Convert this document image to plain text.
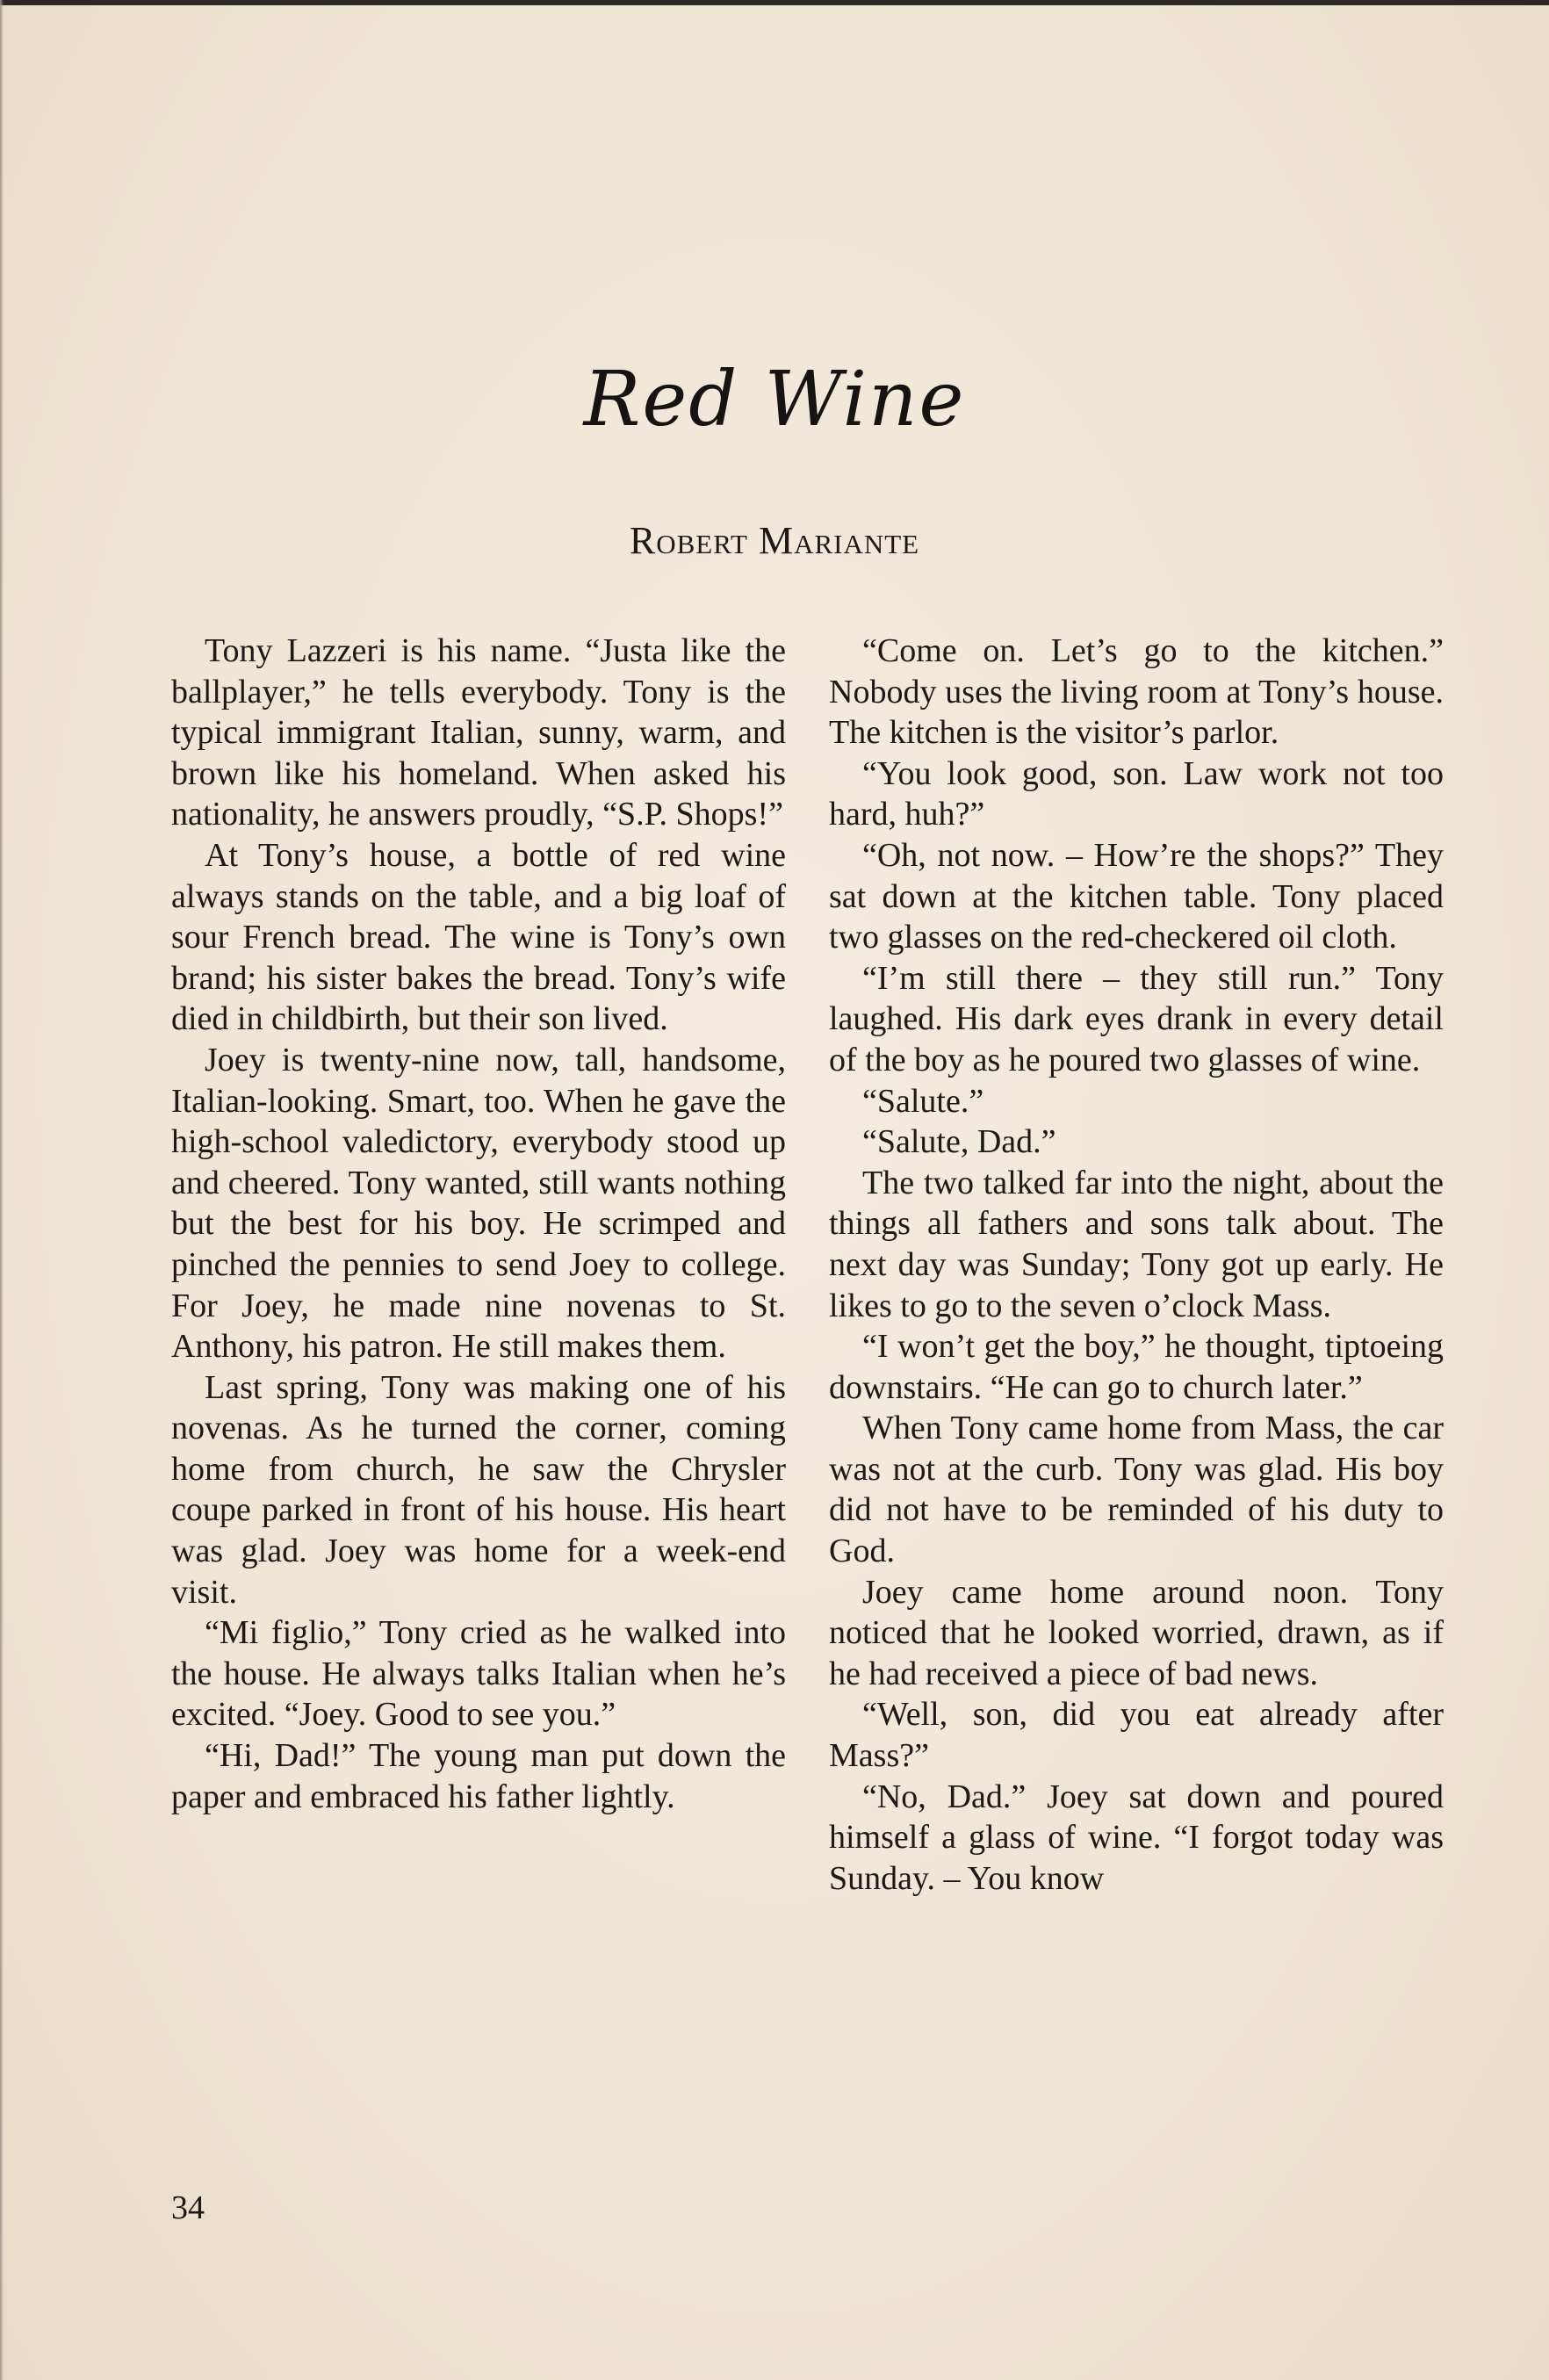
Red Wine
Robert Mariante

Tony Lazzeri is his name. “Justa like the ballplayer,” he tells everybody. Tony is the typical immigrant Italian, sunny, warm, and brown like his homeland. When asked his nationality, he answers proudly, “S.P. Shops!”

At Tony’s house, a bottle of red wine always stands on the table, and a big loaf of sour French bread. The wine is Tony’s own brand; his sister bakes the bread. Tony’s wife died in childbirth, but their son lived.

Joey is twenty-nine now, tall, handsome, Italian-looking. Smart, too. When he gave the high-school valedictory, everybody stood up and cheered. Tony wanted, still wants nothing but the best for his boy. He scrimped and pinched the pennies to send Joey to college. For Joey, he made nine novenas to St. Anthony, his patron. He still makes them.

Last spring, Tony was making one of his novenas. As he turned the corner, coming home from church, he saw the Chrysler coupe parked in front of his house. His heart was glad. Joey was home for a week-end visit.

“Mi figlio,” Tony cried as he walked into the house. He always talks Italian when he’s excited. “Joey. Good to see you.”

“Hi, Dad!” The young man put down the paper and embraced his father lightly.

“Come on. Let’s go to the kitchen.” Nobody uses the living room at Tony’s house. The kitchen is the visitor’s parlor.

“You look good, son. Law work not too hard, huh?”

“Oh, not now. – How’re the shops?” They sat down at the kitchen table. Tony placed two glasses on the red-checkered oil cloth.

“I’m still there – they still run.” Tony laughed. His dark eyes drank in every detail of the boy as he poured two glasses of wine.

“Salute.”

“Salute, Dad.”

The two talked far into the night, about the things all fathers and sons talk about. The next day was Sunday; Tony got up early. He likes to go to the seven o’clock Mass.

“I won’t get the boy,” he thought, tiptoeing downstairs. “He can go to church later.”

When Tony came home from Mass, the car was not at the curb. Tony was glad. His boy did not have to be reminded of his duty to God.

Joey came home around noon. Tony noticed that he looked worried, drawn, as if he had received a piece of bad news.

“Well, son, did you eat already after Mass?”

“No, Dad.” Joey sat down and poured himself a glass of wine. “I forgot today was Sunday. – You know

34
